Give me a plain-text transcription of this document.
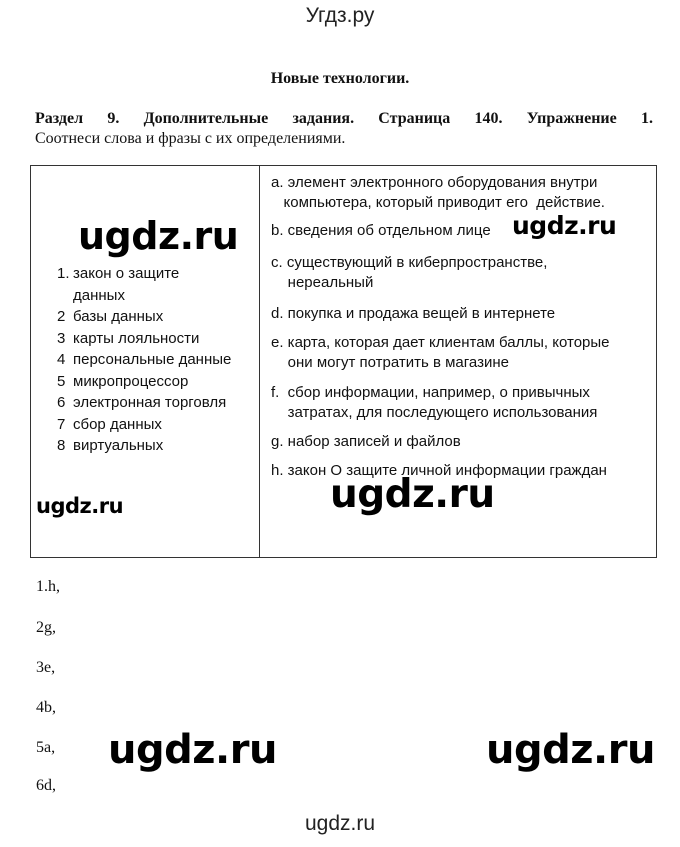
Угдз.ру
Новые технологии.
Раздел 9. Дополнительные задания. Страница 140. Упражнение 1.
Соотнеси слова и фразы с их определениями.
1. закон о защите
данных
2 базы данных
3 карты лояльности
4 персональные данные
5 микропроцессор
6 электронная торговля
7 сбор данных
8 виртуальных
a. элемент электронного оборудования внутри
компьютера, который приводит его  действие.
b. сведения об отдельном лице
c. существующий в киберпространстве,
нереальный
d. покупка и продажа вещей в интернете
e. карта, которая дает клиентам баллы, которые
они могут потратить в магазине
f.  сбор информации, например, о привычных
затратах, для последующего использования
g. набор записей и файлов
h. закон О защите личной информации граждан
1.h,
2g,
3e,
4b,
5a,
6d,
ugdz.ru	ugdz.ru
ugdz.ru	ugdz.ru
ugdz.ru	ugdz.ru
ugdz.ru
